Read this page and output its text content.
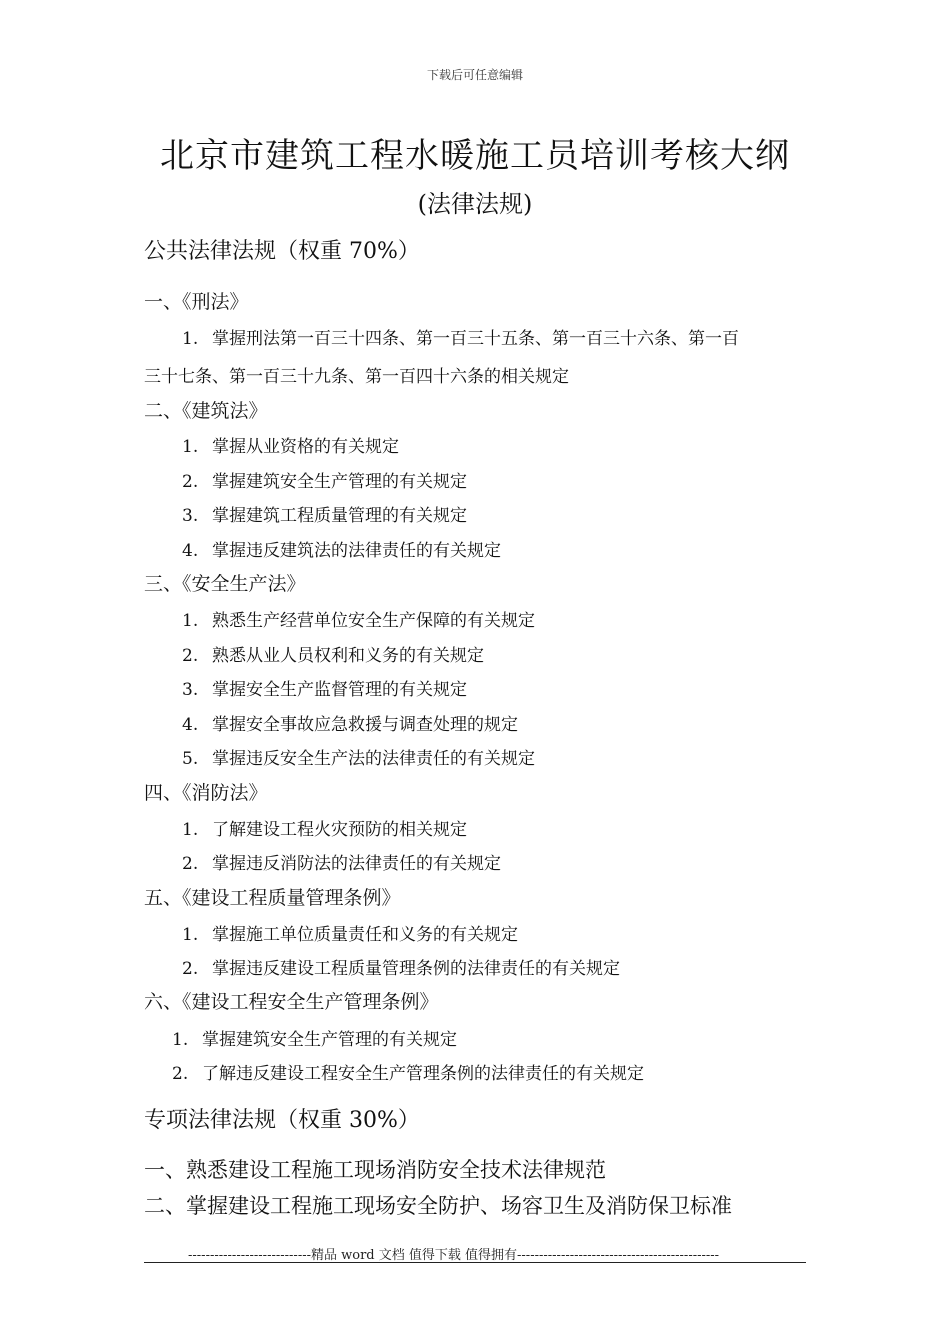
下载后可任意编辑
北京市建筑工程水暖施工员培训考核大纲
(法律法规)
公共法律法规（权重 70%）
一、《刑法》
1. 掌握刑法第一百三十四条、第一百三十五条、第一百三十六条、第一百
三十七条、第一百三十九条、第一百四十六条的相关规定
二、《建筑法》
1. 掌握从业资格的有关规定
2. 掌握建筑安全生产管理的有关规定
3. 掌握建筑工程质量管理的有关规定
4. 掌握违反建筑法的法律责任的有关规定
三、《安全生产法》
1. 熟悉生产经营单位安全生产保障的有关规定
2. 熟悉从业人员权利和义务的有关规定
3. 掌握安全生产监督管理的有关规定
4. 掌握安全事故应急救援与调查处理的规定
5. 掌握违反安全生产法的法律责任的有关规定
四、《消防法》
1. 了解建设工程火灾预防的相关规定
2. 掌握违反消防法的法律责任的有关规定
五、《建设工程质量管理条例》
1. 掌握施工单位质量责任和义务的有关规定
2. 掌握违反建设工程质量管理条例的法律责任的有关规定
六、《建设工程安全生产管理条例》
1. 掌握建筑安全生产管理的有关规定
2. 了解违反建设工程安全生产管理条例的法律责任的有关规定
专项法律法规（权重 30%）
一、熟悉建设工程施工现场消防安全技术法律规范
二、掌握建设工程施工现场安全防护、场容卫生及消防保卫标准
----------------------------精品 word 文档 值得下载 值得拥有----------------------------------------------
